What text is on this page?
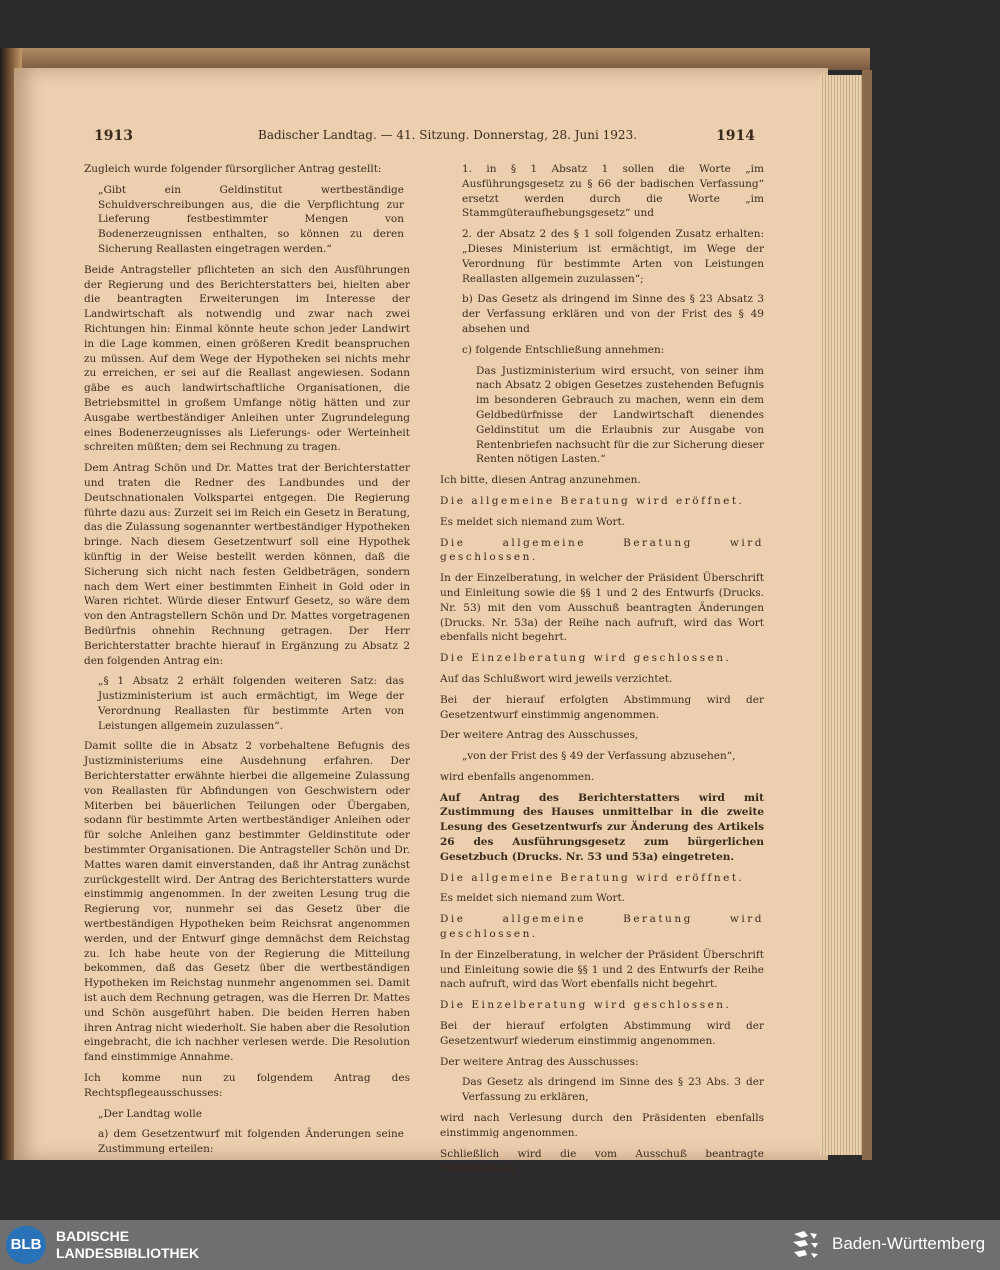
1913	Badischer Landtag. — 41. Sitzung. Donnerstag, 28. Juni 1923.	1914

Zugleich wurde folgender fürsorglicher Antrag gestellt:

„Gibt ein Geldinstitut wertbeständige Schuldverschreibungen aus, die die Verpflichtung zur Lieferung festbestimmter Mengen von Bodenerzeugnissen enthalten, so können zu deren Sicherung Reallasten eingetragen werden.“

Beide Antragsteller pflichteten an sich den Ausführungen der Regierung und des Berichterstatters bei, hielten aber die beantragten Erweiterungen im Interesse der Landwirtschaft als notwendig und zwar nach zwei Richtungen hin: Einmal könnte heute schon jeder Landwirt in die Lage kommen, einen größeren Kredit beanspruchen zu müssen. Auf dem Wege der Hypotheken sei nichts mehr zu erreichen, er sei auf die Reallast angewiesen. Sodann gäbe es auch landwirtschaftliche Organisationen, die Betriebsmittel in großem Umfange nötig hätten und zur Ausgabe wertbeständiger Anleihen unter Zugrundelegung eines Bodenerzeugnisses als Lieferungs- oder Werteinheit schreiten müßten; dem sei Rechnung zu tragen.

Dem Antrag Schön und Dr. Mattes trat der Berichterstatter und traten die Redner des Landbundes und der Deutschnationalen Volkspartei entgegen. Die Regierung führte dazu aus: Zurzeit sei im Reich ein Gesetz in Beratung, das die Zulassung sogenannter wertbeständiger Hypotheken bringe. Nach diesem Gesetzentwurf soll eine Hypothek künftig in der Weise bestellt werden können, daß die Sicherung sich nicht nach festen Geldbeträgen, sondern nach dem Wert einer bestimmten Einheit in Gold oder in Waren richtet. Würde dieser Entwurf Gesetz, so wäre dem von den Antragstellern Schön und Dr. Mattes vorgetragenen Bedürfnis ohnehin Rechnung getragen. Der Herr Berichterstatter brachte hierauf in Ergänzung zu Absatz 2 den folgenden Antrag ein:

„§ 1 Absatz 2 erhält folgenden weiteren Satz: das Justizministerium ist auch ermächtigt, im Wege der Verordnung Reallasten für bestimmte Arten von Leistungen allgemein zuzulassen“.

Damit sollte die in Absatz 2 vorbehaltene Befugnis des Justizministeriums eine Ausdehnung erfahren. Der Berichterstatter erwähnte hierbei die allgemeine Zulassung von Reallasten für Abfindungen von Geschwistern oder Miterben bei bäuerlichen Teilungen oder Übergaben, sodann für bestimmte Arten wertbeständiger Anleihen oder für solche Anleihen ganz bestimmter Geldinstitute oder bestimmter Organisationen. Die Antragsteller Schön und Dr. Mattes waren damit einverstanden, daß ihr Antrag zunächst zurückgestellt wird. Der Antrag des Berichterstatters wurde einstimmig angenommen. In der zweiten Lesung trug die Regierung vor, nunmehr sei das Gesetz über die wertbeständigen Hypotheken beim Reichsrat angenommen werden, und der Entwurf ginge demnächst dem Reichstag zu. Ich habe heute von der Regierung die Mitteilung bekommen, daß das Gesetz über die wertbeständigen Hypotheken im Reichstag nunmehr angenommen sei. Damit ist auch dem Rechnung getragen, was die Herren Dr. Mattes und Schön ausgeführt haben. Die beiden Herren haben ihren Antrag nicht wiederholt. Sie haben aber die Resolution eingebracht, die ich nachher verlesen werde. Die Resolution fand einstimmige Annahme.

Ich komme nun zu folgendem Antrag des Rechtspflegeausschusses:

„Der Landtag wolle

a) dem Gesetzentwurf mit folgenden Änderungen seine Zustimmung erteilen:

1. in § 1 Absatz 1 sollen die Worte „im Ausführungsgesetz zu § 66 der badischen Verfassung“ ersetzt werden durch die Worte „im Stammgüteraufhebungsgesetz“ und

2. der Absatz 2 des § 1 soll folgenden Zusatz erhalten: „Dieses Ministerium ist ermächtigt, im Wege der Verordnung für bestimmte Arten von Leistungen Reallasten allgemein zuzulassen“;

b) Das Gesetz als dringend im Sinne des § 23 Absatz 3 der Verfassung erklären und von der Frist des § 49 absehen und

c) folgende Entschließung annehmen:

Das Justizministerium wird ersucht, von seiner ihm nach Absatz 2 obigen Gesetzes zustehenden Befugnis im besonderen Gebrauch zu machen, wenn ein dem Geldbedürfnisse der Landwirtschaft dienendes Geldinstitut um die Erlaubnis zur Ausgabe von Rentenbriefen nachsucht für die zur Sicherung dieser Renten nötigen Lasten.“

Ich bitte, diesen Antrag anzunehmen.

Die allgemeine Beratung wird eröffnet.

Es meldet sich niemand zum Wort.

Die allgemeine Beratung wird geschlossen.

In der Einzelberatung, in welcher der Präsident Überschrift und Einleitung sowie die §§ 1 und 2 des Entwurfs (Drucks. Nr. 53) mit den vom Ausschuß beantragten Änderungen (Drucks. Nr. 53a) der Reihe nach aufruft, wird das Wort ebenfalls nicht begehrt.

Die Einzelberatung wird geschlossen.

Auf das Schlußwort wird jeweils verzichtet.

Bei der hierauf erfolgten Abstimmung wird der Gesetzentwurf einstimmig angenommen.

Der weitere Antrag des Ausschusses,

„von der Frist des § 49 der Verfassung abzusehen“,

wird ebenfalls angenommen.

Auf Antrag des Berichterstatters wird mit Zustimmung des Hauses unmittelbar in die zweite Lesung des Gesetzentwurfs zur Änderung des Artikels 26 des Ausführungsgesetz zum bürgerlichen Gesetzbuch (Drucks. Nr. 53 und 53a) eingetreten.

Die allgemeine Beratung wird eröffnet.

Es meldet sich niemand zum Wort.

Die allgemeine Beratung wird geschlossen.

In der Einzelberatung, in welcher der Präsident Überschrift und Einleitung sowie die §§ 1 und 2 des Entwurfs der Reihe nach aufruft, wird das Wort ebenfalls nicht begehrt.

Die Einzelberatung wird geschlossen.

Bei der hierauf erfolgten Abstimmung wird der Gesetzentwurf wiederum einstimmig angenommen.

Der weitere Antrag des Ausschusses:

Das Gesetz als dringend im Sinne des § 23 Abs. 3 der Verfassung zu erklären,

wird nach Verlesung durch den Präsidenten ebenfalls einstimmig angenommen.

Schließlich wird die vom Ausschuß beantragte Entschließung

BLB	BADISCHE
LANDESBIBLIOTHEK	Baden-Württemberg
